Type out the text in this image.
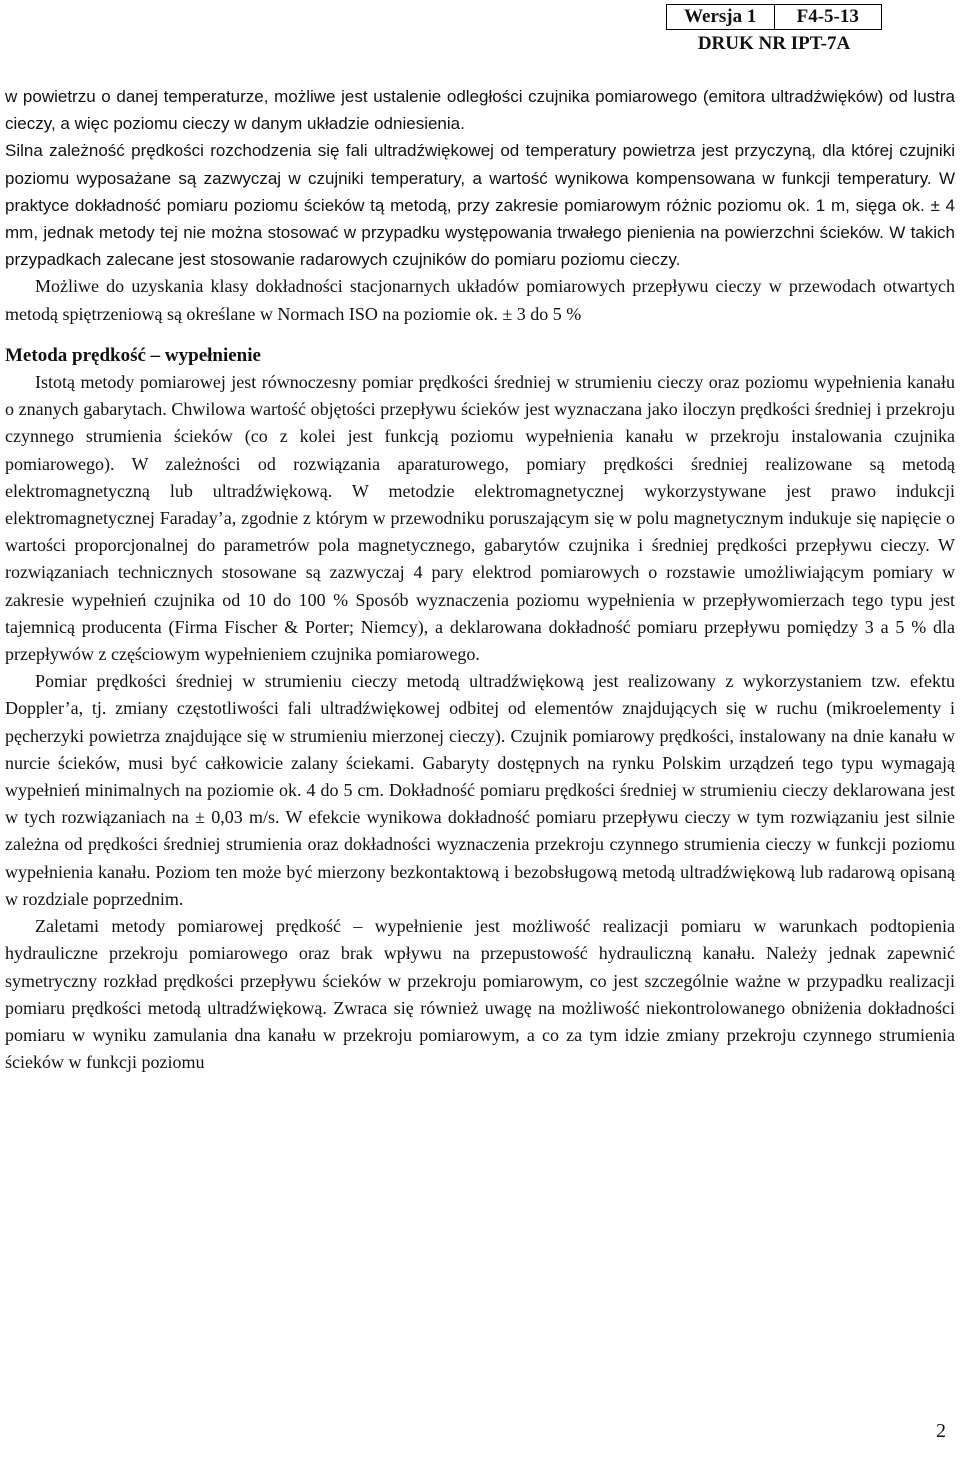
Wersja 1	F4-5-13
DRUK NR IPT-7A

w powietrzu o danej temperaturze, możliwe jest ustalenie odległości czujnika pomiarowego (emitora ultradźwięków) od lustra cieczy, a więc poziomu cieczy w danym układzie odniesienia.

Silna zależność prędkości rozchodzenia się fali ultradźwiękowej od temperatury powietrza jest przyczyną, dla której czujniki poziomu wyposażane są zazwyczaj w czujniki temperatury, a wartość wynikowa kompensowana w funkcji temperatury. W praktyce dokładność pomiaru poziomu ścieków tą metodą, przy zakresie pomiarowym różnic poziomu ok. 1 m, sięga ok. ± 4 mm, jednak metody tej nie można stosować w przypadku występowania trwałego pienienia na powierzchni ścieków. W takich przypadkach zalecane jest stosowanie radarowych czujników do pomiaru poziomu cieczy.

Możliwe do uzyskania klasy dokładności stacjonarnych układów pomiarowych przepływu cieczy w przewodach otwartych metodą spiętrzeniową są określane w Normach ISO na poziomie ok. ± 3 do 5 %

Metoda prędkość – wypełnienie

Istotą metody pomiarowej jest równoczesny pomiar prędkości średniej w strumieniu cieczy oraz poziomu wypełnienia kanału o znanych gabarytach. Chwilowa wartość objętości przepływu ścieków jest wyznaczana jako iloczyn prędkości średniej i przekroju czynnego strumienia ścieków (co z kolei jest funkcją poziomu wypełnienia kanału w przekroju instalowania czujnika pomiarowego). W zależności od rozwiązania aparaturowego, pomiary prędkości średniej realizowane są metodą elektromagnetyczną lub ultradźwiękową. W metodzie elektromagnetycznej wykorzystywane jest prawo indukcji elektromagnetycznej Faraday’a, zgodnie z którym w przewodniku poruszającym się w polu magnetycznym indukuje się napięcie o wartości proporcjonalnej do parametrów pola magnetycznego, gabarytów czujnika i średniej prędkości przepływu cieczy. W rozwiązaniach technicznych stosowane są zazwyczaj 4 pary elektrod pomiarowych o rozstawie umożliwiającym pomiary w zakresie wypełnień czujnika od 10 do 100 % Sposób wyznaczenia poziomu wypełnienia w przepływomierzach tego typu jest tajemnicą producenta (Firma Fischer & Porter; Niemcy), a deklarowana dokładność pomiaru przepływu pomiędzy 3 a 5 % dla przepływów z częściowym wypełnieniem czujnika pomiarowego.

Pomiar prędkości średniej w strumieniu cieczy metodą ultradźwiękową jest realizowany z wykorzystaniem tzw. efektu Doppler’a, tj. zmiany częstotliwości fali ultradźwiękowej odbitej od elementów znajdujących się w ruchu (mikroelementy i pęcherzyki powietrza znajdujące się w strumieniu mierzonej cieczy). Czujnik pomiarowy prędkości, instalowany na dnie kanału w nurcie ścieków, musi być całkowicie zalany ściekami. Gabaryty dostępnych na rynku Polskim urządzeń tego typu wymagają wypełnień minimalnych na poziomie ok. 4 do 5 cm. Dokładność pomiaru prędkości średniej w strumieniu cieczy deklarowana jest w tych rozwiązaniach na ± 0,03 m/s. W efekcie wynikowa dokładność pomiaru przepływu cieczy w tym rozwiązaniu jest silnie zależna od prędkości średniej strumienia oraz dokładności wyznaczenia przekroju czynnego strumienia cieczy w funkcji poziomu wypełnienia kanału. Poziom ten może być mierzony bezkontaktową i bezobsługową metodą ultradźwiękową lub radarową opisaną w rozdziale poprzednim.

Zaletami metody pomiarowej prędkość – wypełnienie jest możliwość realizacji pomiaru w warunkach podtopienia hydrauliczne przekroju pomiarowego oraz brak wpływu na przepustowość hydrauliczną kanału. Należy jednak zapewnić symetryczny rozkład prędkości przepływu ścieków w przekroju pomiarowym, co jest szczególnie ważne w przypadku realizacji pomiaru prędkości metodą ultradźwiękową. Zwraca się również uwagę na możliwość niekontrolowanego obniżenia dokładności pomiaru w wyniku zamulania dna kanału w przekroju pomiarowym, a co za tym idzie zmiany przekroju czynnego strumienia ścieków w funkcji poziomu

2
